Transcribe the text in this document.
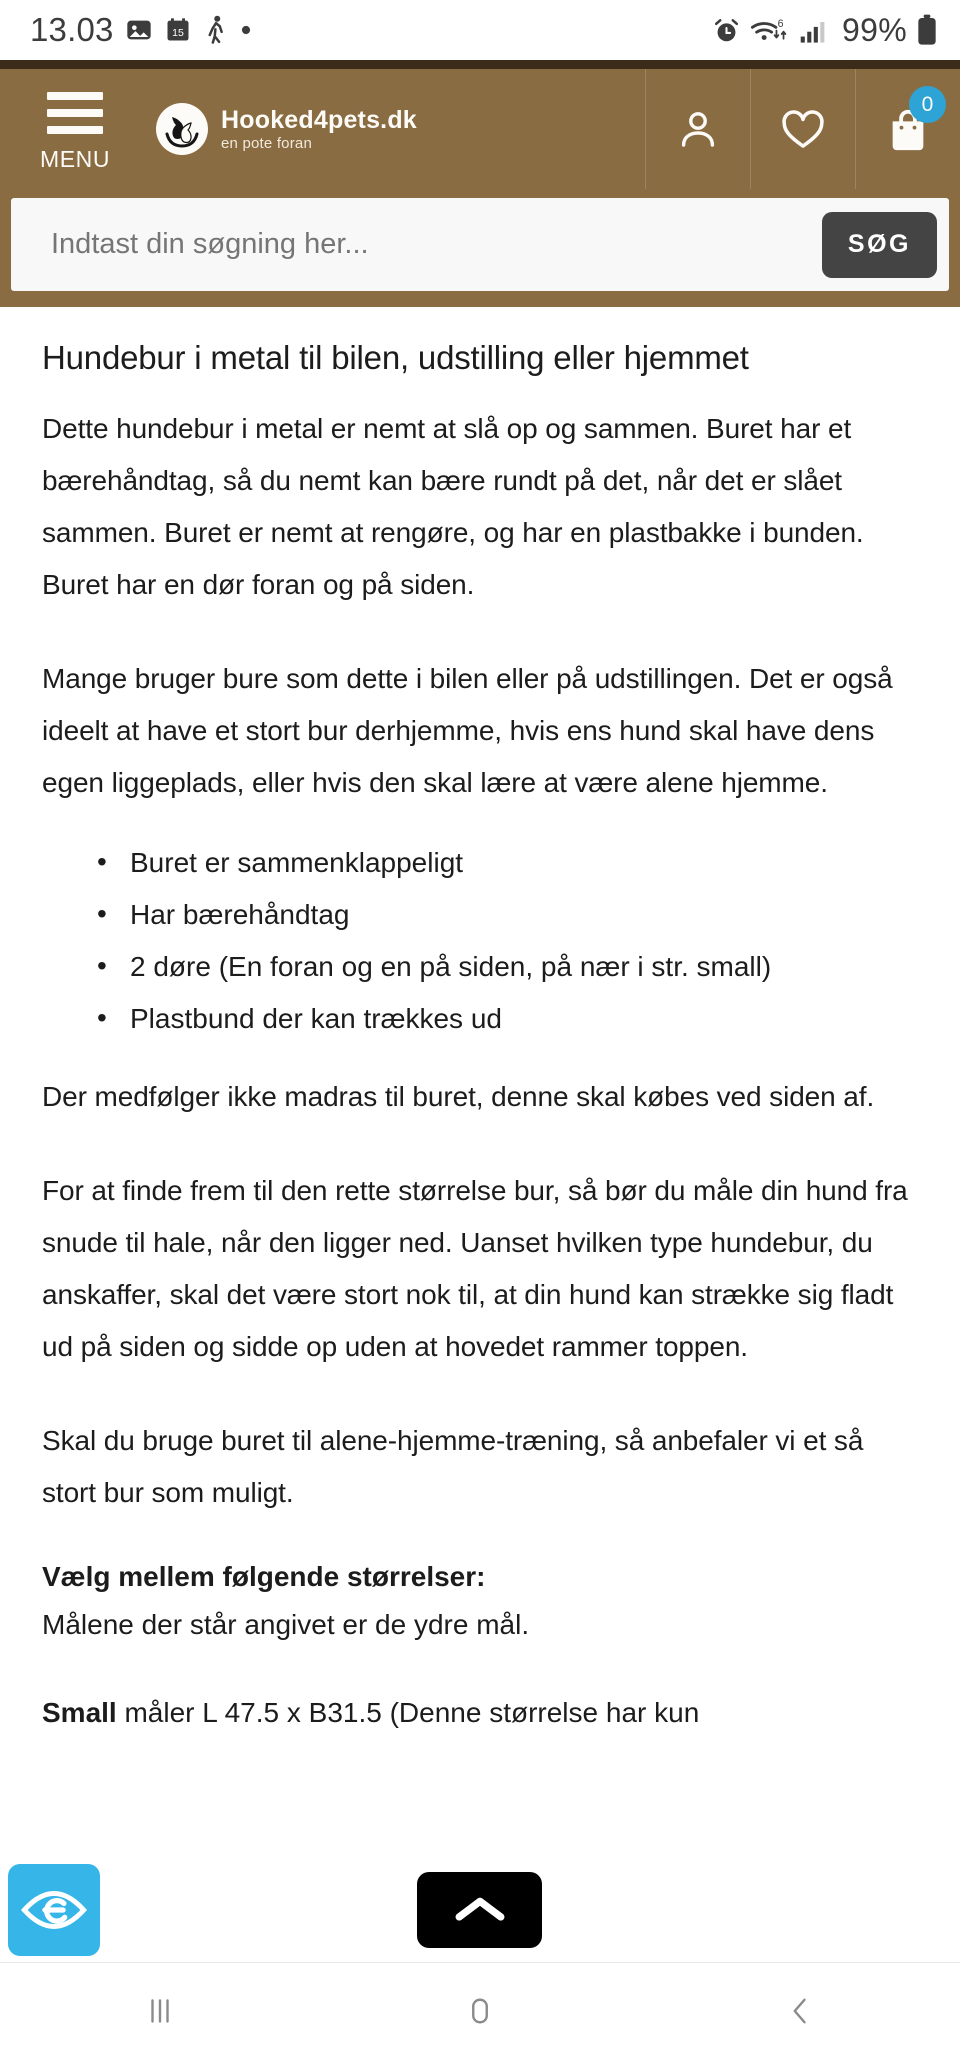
13.03	15
6 99%
MENU
Hooked4pets.dk
en pote foran
0
Indtast din søgning her...
SØG
Hundebur i metal til bilen, udstilling eller hjemmet

Dette hundebur i metal er nemt at slå op og sammen. Buret har et bærehåndtag, så du nemt kan bære rundt på det, når det er slået sammen. Buret er nemt at rengøre, og har en plastbakke i bunden. Buret har en dør foran og på siden.

Mange bruger bure som dette i bilen eller på udstillingen. Det er også ideelt at have et stort bur derhjemme, hvis ens hund skal have dens egen liggeplads, eller hvis den skal lære at være alene hjemme.

• Buret er sammenklappeligt
• Har bærehåndtag
• 2 døre (En foran og en på siden, på nær i str. small)
• Plastbund der kan trækkes ud

Der medfølger ikke madras til buret, denne skal købes ved siden af.

For at finde frem til den rette størrelse bur, så bør du måle din hund fra snude til hale, når den ligger ned. Uanset hvilken type hundebur, du anskaffer, skal det være stort nok til, at din hund kan strække sig fladt ud på siden og sidde op uden at hovedet rammer toppen.

Skal du bruge buret til alene-hjemme-træning, så anbefaler vi et så stort bur som muligt.

Vælg mellem følgende størrelser:

Målene der står angivet er de ydre mål.

Small måler L 47.5 x B31.5 (Denne størrelse har kun
